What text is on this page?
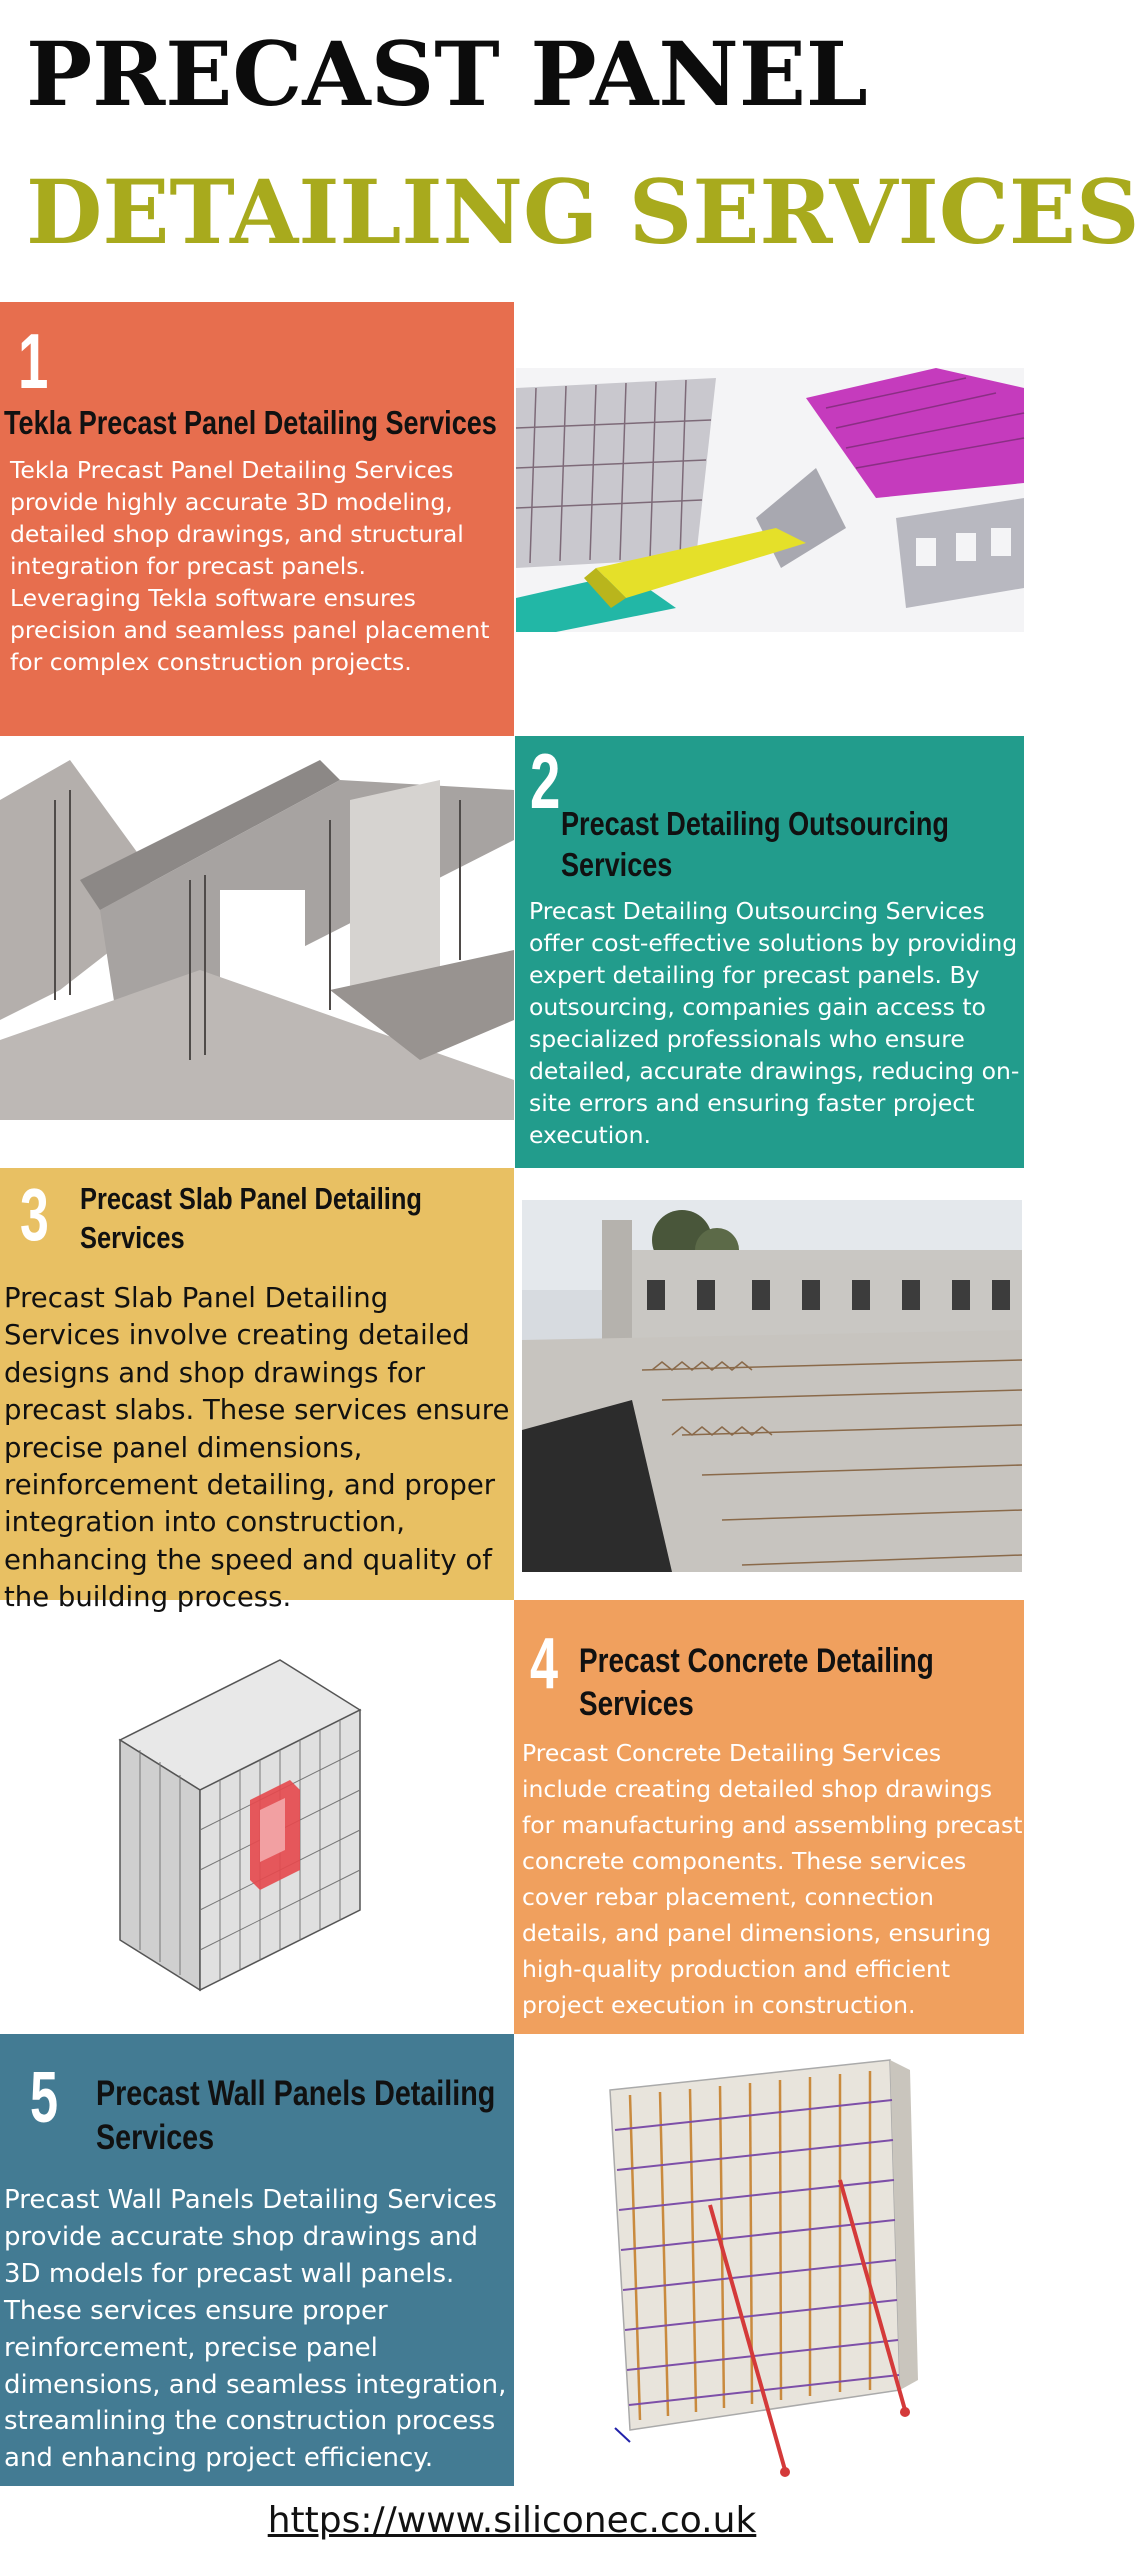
PRECAST PANEL
DETAILING SERVICES
1
Tekla Precast Panel Detailing Services
Tekla Precast Panel Detailing Services provide highly accurate 3D modeling, detailed shop drawings, and structural integration for precast panels. Leveraging Tekla software ensures precision and seamless panel placement for complex construction projects.
2 Precast Detailing Outsourcing
Services
Precast Detailing Outsourcing Services offer cost-effective solutions by providing expert detailing for precast panels. By outsourcing, companies gain access to specialized professionals who ensure detailed, accurate drawings, reducing on-site errors and ensuring faster project execution.
3 Precast Slab Panel Detailing
Services
Precast Slab Panel Detailing Services involve creating detailed designs and shop drawings for precast slabs. These services ensure precise panel dimensions, reinforcement detailing, and proper integration into construction, enhancing the speed and quality of the building process.
4 Precast Concrete Detailing
Services
Precast Concrete Detailing Services include creating detailed shop drawings for manufacturing and assembling precast concrete components. These services cover rebar placement, connection details, and panel dimensions, ensuring high-quality production and efficient project execution in construction.
5 Precast Wall Panels Detailing
Services
Precast Wall Panels Detailing Services provide accurate shop drawings and 3D models for precast wall panels. These services ensure proper reinforcement, precise panel dimensions, and seamless integration, streamlining the construction process and enhancing project efficiency.
https://www.siliconec.co.uk
